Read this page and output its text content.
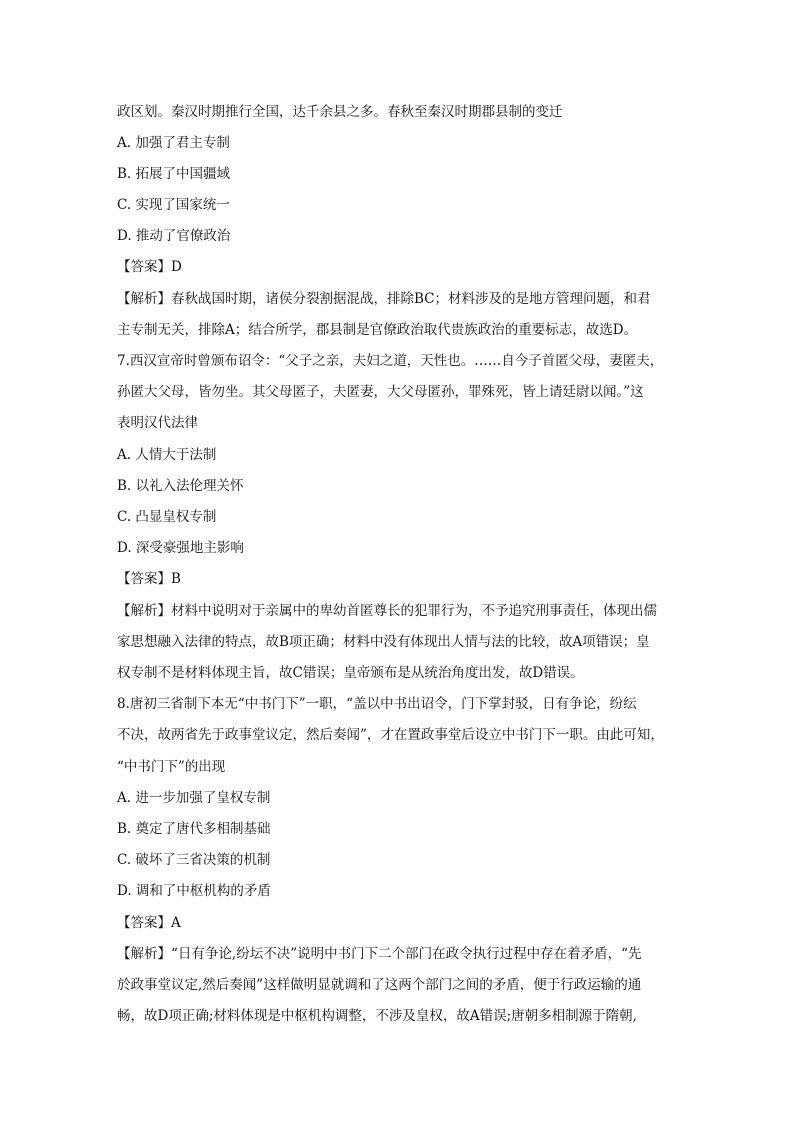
政区划。秦汉时期推行全国，达千余县之多。春秋至秦汉时期郡县制的变迁
A. 加强了君主专制
B. 拓展了中国疆域
C. 实现了国家统一
D. 推动了官僚政治
【答案】D
【解析】春秋战国时期，诸侯分裂割据混战，排除BC；材料涉及的是地方管理问题，和君
主专制无关，排除A；结合所学，郡县制是官僚政治取代贵族政治的重要标志，故选D。
7.西汉宣帝时曾颁布诏令：“父子之亲，夫妇之道，天性也。……自今子首匿父母，妻匿夫，
孙匿大父母，皆勿坐。其父母匿子，夫匿妻，大父母匿孙，罪殊死，皆上请廷尉以闻。”这
表明汉代法律
A. 人情大于法制
B. 以礼入法伦理关怀
C. 凸显皇权专制
D. 深受豪强地主影响
【答案】B
【解析】材料中说明对于亲属中的卑幼首匿尊长的犯罪行为，不予追究刑事责任，体现出儒
家思想融入法律的特点，故B项正确；材料中没有体现出人情与法的比较，故A项错误；皇
权专制不是材料体现主旨，故C错误；皇帝颁布是从统治角度出发，故D错误。
8.唐初三省制下本无“中书门下”一职，“盖以中书出诏令，门下掌封驳，日有争论，纷纭
不决，故两省先于政事堂议定，然后奏闻”，才在置政事堂后设立中书门下一职。由此可知，
“中书门下”的出现
A. 进一步加强了皇权专制
B. 奠定了唐代多相制基础
C. 破坏了三省决策的机制
D. 调和了中枢机构的矛盾
【答案】A
【解析】“日有争论,纷坛不决”说明中书门下二个部门在政令执行过程中存在着矛盾，“先
於政事堂议定,然后奏闻”这样做明显就调和了这两个部门之间的矛盾，便于行政运输的通
畅，故D项正确;材料体现是中枢机构调整，不涉及皇权，故A错误;唐朝多相制源于隋朝,
